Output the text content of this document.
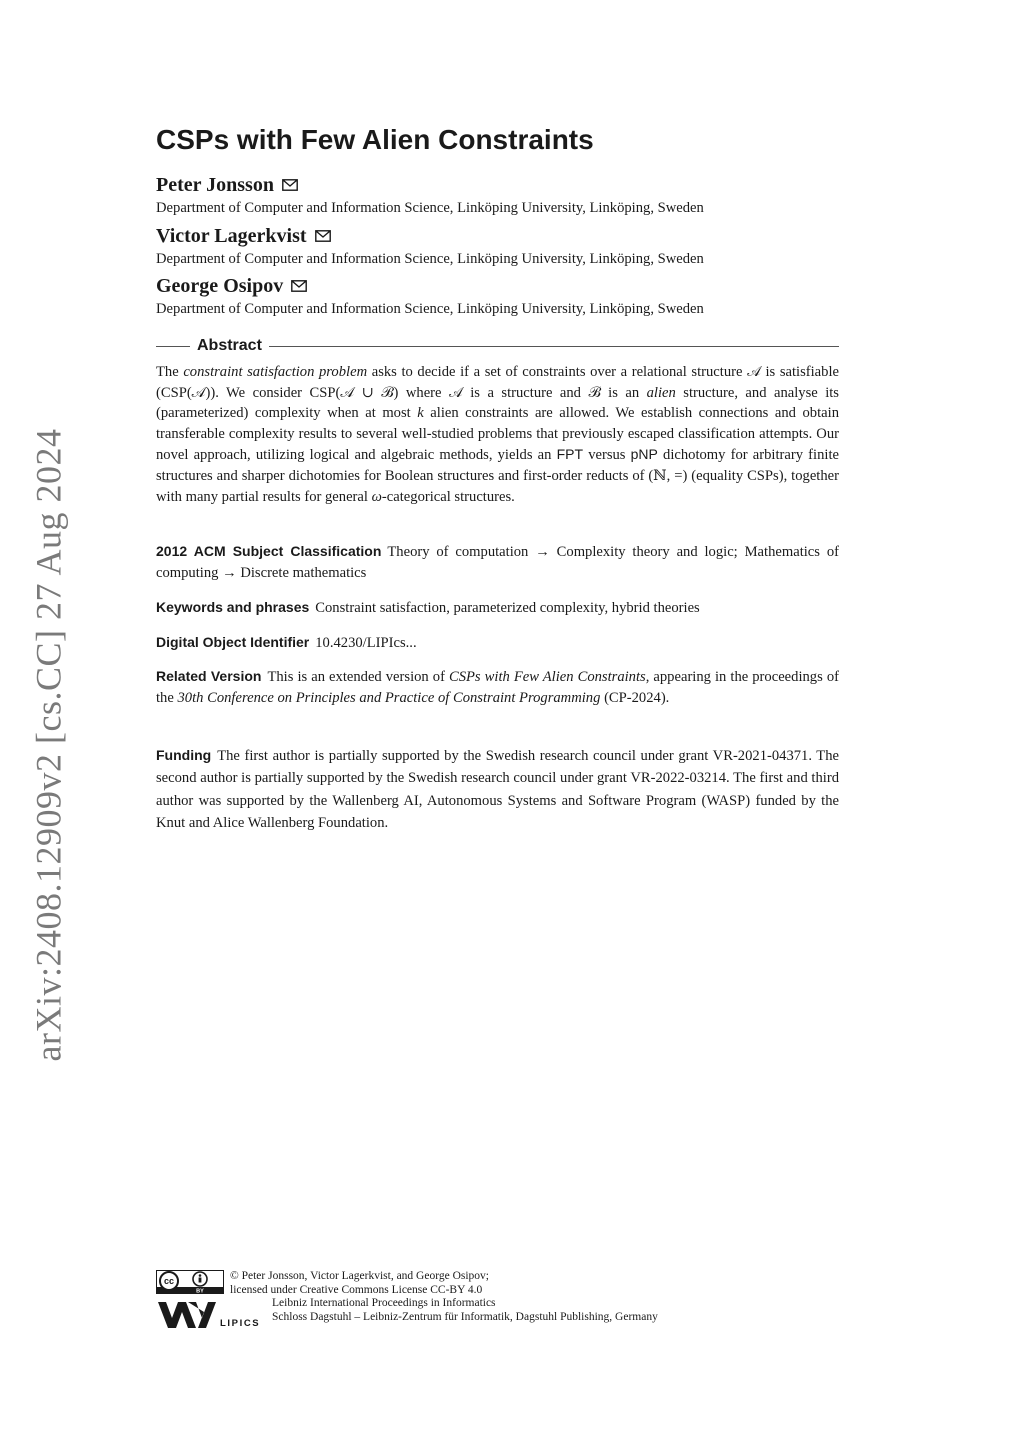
arXiv:2408.12909v2 [cs.CC] 27 Aug 2024
CSPs with Few Alien Constraints
Peter Jonsson
Department of Computer and Information Science, Linköping University, Linköping, Sweden
Victor Lagerkvist
Department of Computer and Information Science, Linköping University, Linköping, Sweden
George Osipov
Department of Computer and Information Science, Linköping University, Linköping, Sweden
Abstract

The constraint satisfaction problem asks to decide if a set of constraints over a relational structure 𝒜 is satisfiable (CSP(𝒜)). We consider CSP(𝒜 ∪ ℬ) where 𝒜 is a structure and ℬ is an alien structure, and analyse its (parameterized) complexity when at most k alien constraints are allowed. We establish connections and obtain transferable complexity results to several well-studied problems that previously escaped classification attempts. Our novel approach, utilizing logical and algebraic methods, yields an FPT versus pNP dichotomy for arbitrary finite structures and sharper dichotomies for Boolean structures and first-order reducts of (ℕ, =) (equality CSPs), together with many partial results for general ω-categorical structures.

2012 ACM Subject Classification Theory of computation → Complexity theory and logic; Mathematics of computing → Discrete mathematics

Keywords and phrases Constraint satisfaction, parameterized complexity, hybrid theories

Digital Object Identifier 10.4230/LIPIcs...

Related Version This is an extended version of CSPs with Few Alien Constraints, appearing in the proceedings of the 30th Conference on Principles and Practice of Constraint Programming (CP-2024).

Funding The first author is partially supported by the Swedish research council under grant VR-2021-04371. The second author is partially supported by the Swedish research council under grant VR-2022-03214. The first and third author was supported by the Wallenberg AI, Autonomous Systems and Software Program (WASP) funded by the Knut and Alice Wallenberg Foundation.

cc
BY
LIPICS
© Peter Jonsson, Victor Lagerkvist, and George Osipov;
licensed under Creative Commons License CC-BY 4.0
Leibniz International Proceedings in Informatics
Schloss Dagstuhl – Leibniz-Zentrum für Informatik, Dagstuhl Publishing, Germany
